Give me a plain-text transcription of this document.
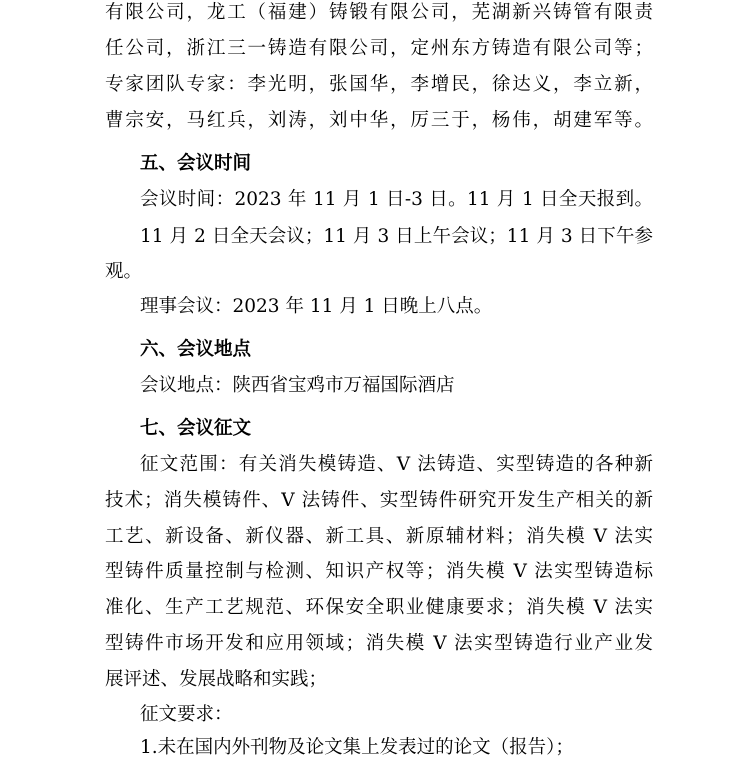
有限公司，龙工（福建）铸锻有限公司，芜湖新兴铸管有限责
任公司，浙江三一铸造有限公司，定州东方铸造有限公司等；
专家团队专家：李光明，张国华，李增民，徐达义，李立新，
曹宗安，马红兵，刘涛，刘中华，厉三于，杨伟，胡建军等。
五、会议时间
会议时间：2023 年 11 月 1 日-3 日。11 月 1 日全天报到。
11 月 2 日全天会议；11 月 3 日上午会议；11 月 3 日下午参
观。
理事会议：2023 年 11 月 1 日晚上八点。
六、会议地点
会议地点：陕西省宝鸡市万福国际酒店
七、会议征文
征文范围：有关消失模铸造、V 法铸造、实型铸造的各种新
技术；消失模铸件、V 法铸件、实型铸件研究开发生产相关的新
工艺、新设备、新仪器、新工具、新原辅材料；消失模 V 法实
型铸件质量控制与检测、知识产权等；消失模 V 法实型铸造标
准化、生产工艺规范、环保安全职业健康要求；消失模 V 法实
型铸件市场开发和应用领域；消失模 V 法实型铸造行业产业发
展评述、发展战略和实践；
征文要求：
1.未在国内外刊物及论文集上发表过的论文（报告）；
